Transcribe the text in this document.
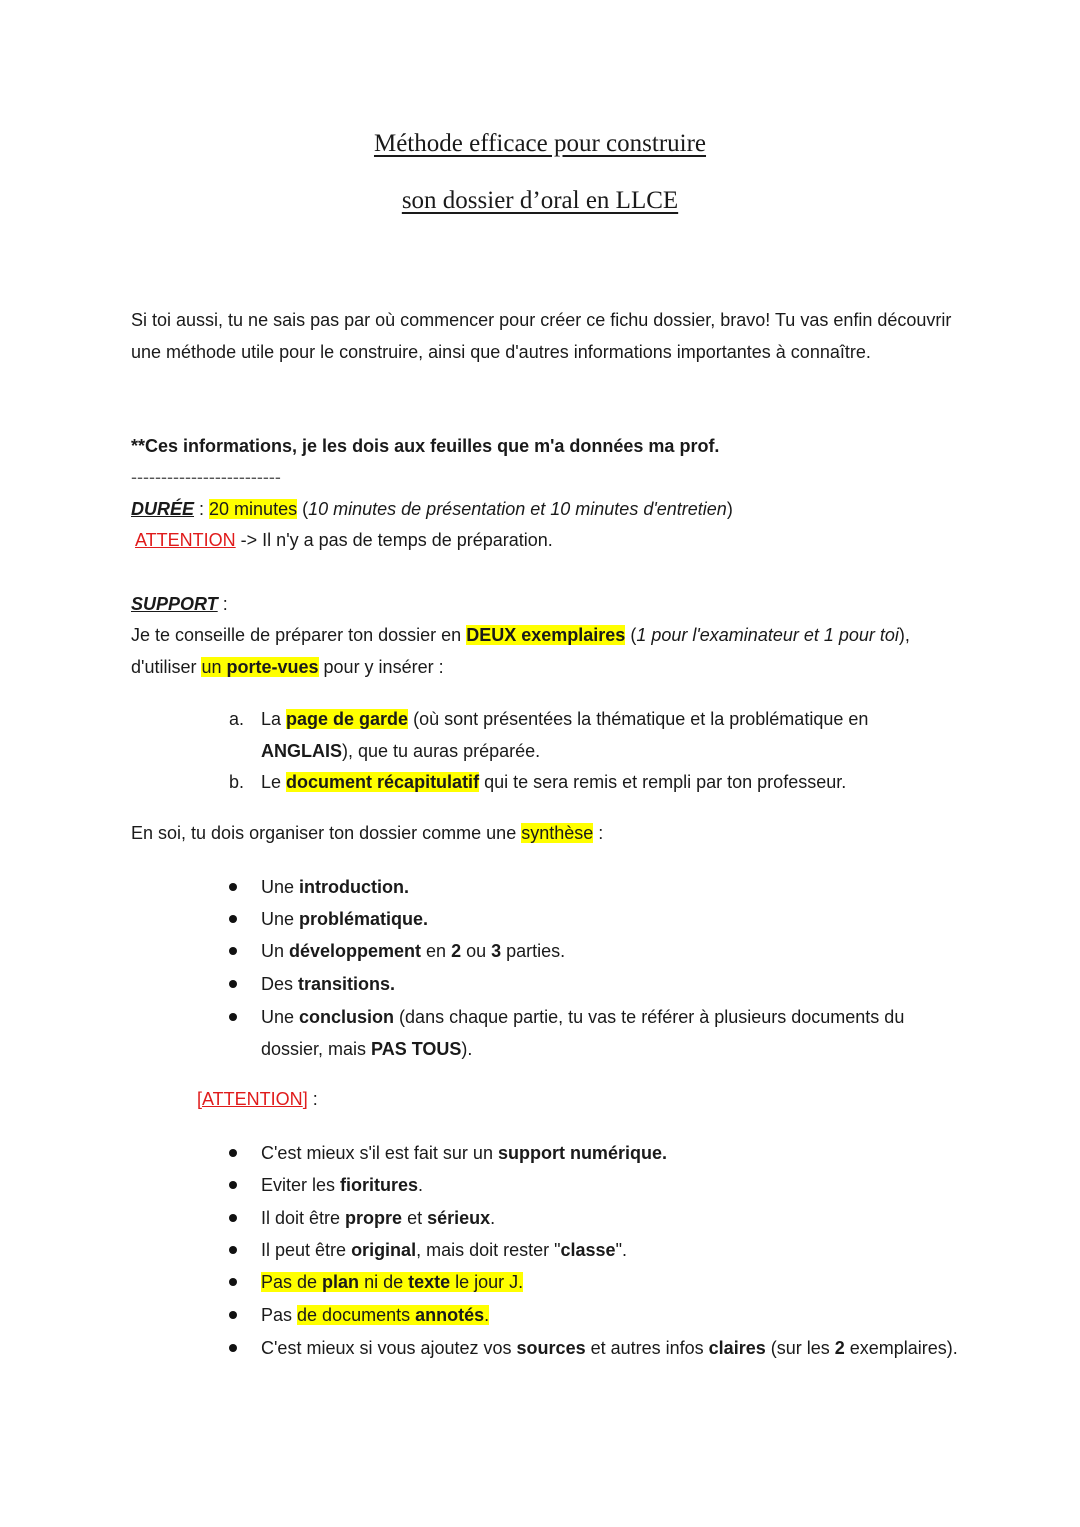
Méthode efficace pour construire
son dossier d’oral en LLCE

Si toi aussi, tu ne sais pas par où commencer pour créer ce fichu dossier, bravo! Tu vas enfin découvrir une méthode utile pour le construire, ainsi que d'autres informations importantes à connaître.

**Ces informations, je les dois aux feuilles que m'a données ma prof.

-------------------------

DURÉE : 20 minutes (10 minutes de présentation et 10 minutes d'entretien)

ATTENTION -> Il n'y a pas de temps de préparation.

SUPPORT :

Je te conseille de préparer ton dossier en DEUX exemplaires (1 pour l'examinateur et 1 pour toi),
d'utiliser un porte-vues pour y insérer :

a. La page de garde (où sont présentées la thématique et la problématique en ANGLAIS), que tu auras préparée.

b. Le document récapitulatif qui te sera remis et rempli par ton professeur.

En soi, tu dois organiser ton dossier comme une synthèse :

Une introduction.

Une problématique.

Un développement en 2 ou 3 parties.

Des transitions.

Une conclusion (dans chaque partie, tu vas te référer à plusieurs documents du dossier, mais PAS TOUS).

[ATTENTION] :

C'est mieux s'il est fait sur un support numérique.

Eviter les fioritures.

Il doit être propre et sérieux.

Il peut être original, mais doit rester "classe".

Pas de plan ni de texte le jour J.

Pas de documents annotés.

C'est mieux si vous ajoutez vos sources et autres infos claires (sur les 2 exemplaires).
